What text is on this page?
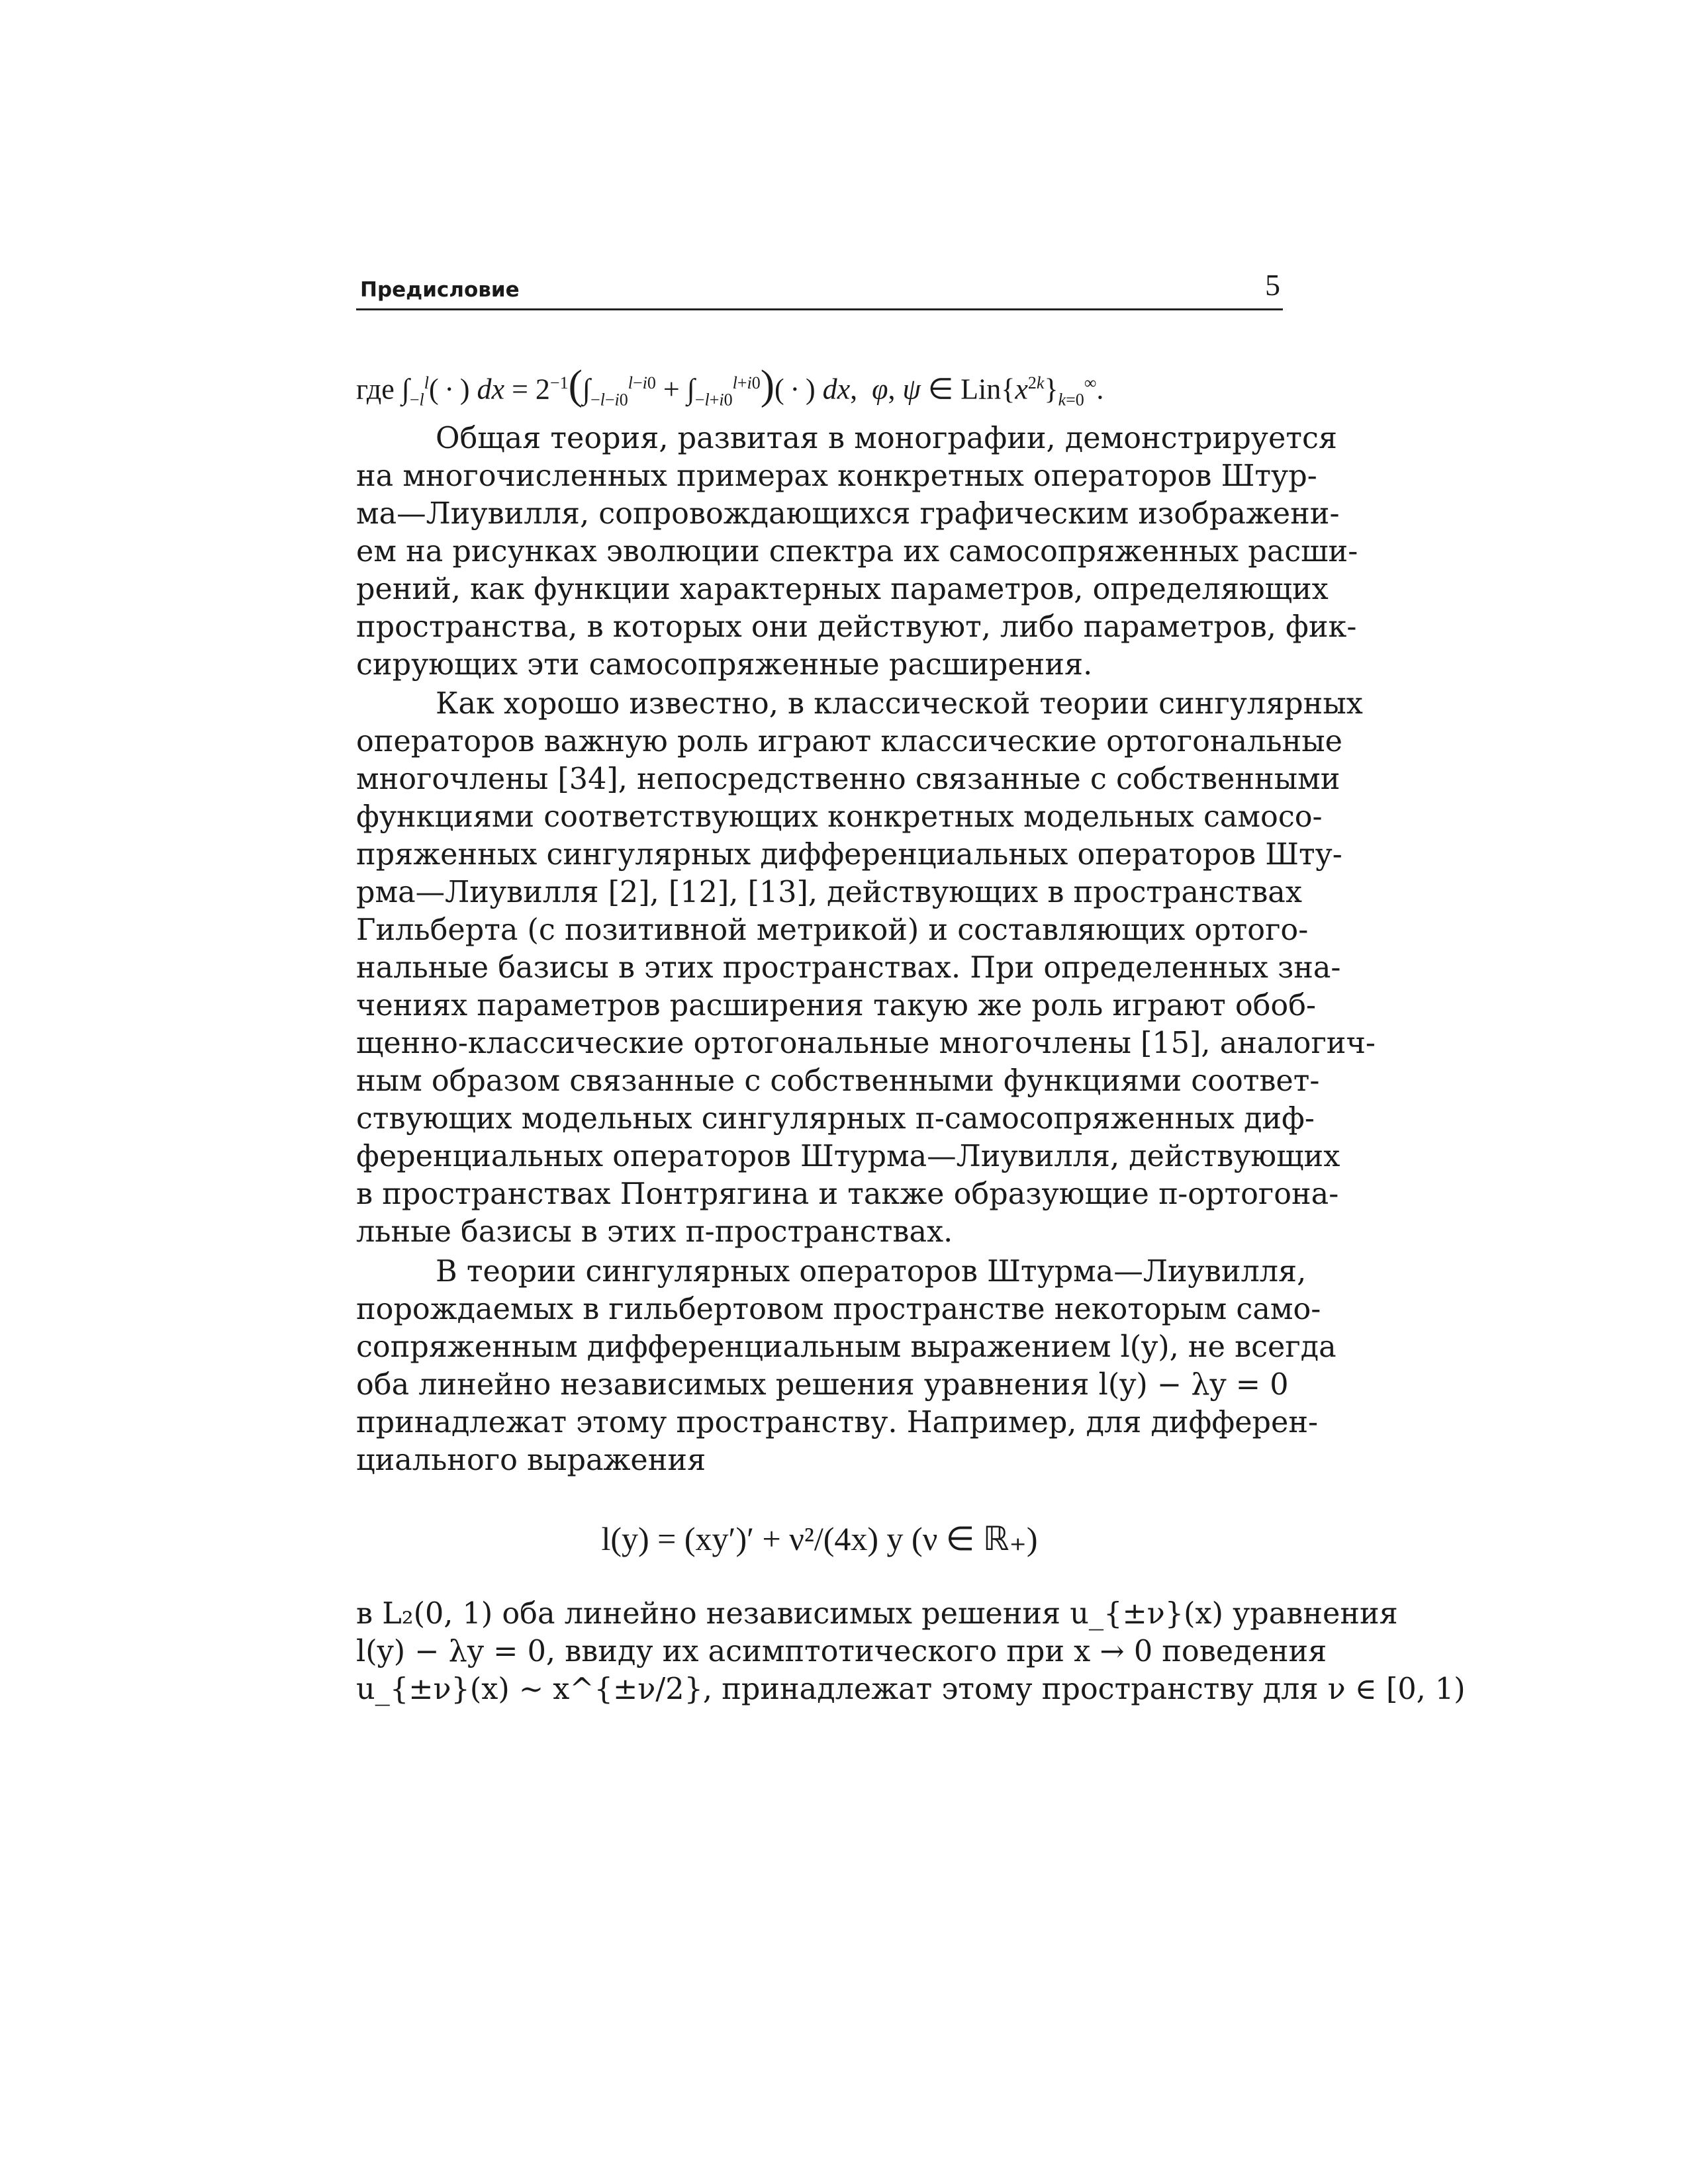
Предисловие	5

где $\int_{-l}^l$( · ) dx = $2^{-1}(\int_{-l-i0}^{l-i0} + \int_{-l+i0}^{l+i0})$( · ) dx,  φ, ψ ∈ $Lin\{x^{2k}\}_{k=0}^\infty$.

Общая теория, развитая в монографии, демонстрируется

на многочисленных примерах конкретных операторов Штур-

ма—Лиувилля, сопровождающихся графическим изображени-

ем на рисунках эволюции спектра их самосопряженных расши-

рений, как функции характерных параметров, определяющих

пространства, в которых они действуют, либо параметров, фик-

сирующих эти самосопряженные расширения.

Как хорошо известно, в классической теории сингулярных

операторов важную роль играют классические ортогональные

многочлены [34], непосредственно связанные с собственными

функциями соответствующих конкретных модельных самосо-

пряженных сингулярных дифференциальных операторов Шту-

рма—Лиувилля [2], [12], [13], действующих в пространствах

Гильберта (с позитивной метрикой) и составляющих ортого-

нальные базисы в этих пространствах. При определенных зна-

чениях параметров расширения такую же роль играют обоб-

щенно-классические ортогональные многочлены [15], аналогич-

ным образом связанные с собственными функциями соответ-

ствующих модельных сингулярных π-самосопряженных диф-

ференциальных операторов Штурма—Лиувилля, действующих

в пространствах Понтрягина и также образующие π-ортогона-

льные базисы в этих π-пространствах.

В теории сингулярных операторов Штурма—Лиувилля,

порождаемых в гильбертовом пространстве некоторым само-

сопряженным дифференциальным выражением l(y), не всегда

оба линейно независимых решения уравнения l(y) − λy = 0

принадлежат этому пространству. Например, для дифферен-

циального выражения

l(y) = (xy′)′ + ν²/(4x) y (ν ∈ ℝ₊)

в L₂(0, 1) оба линейно независимых решения u_{±ν}(x) уравнения

l(y) − λy = 0, ввиду их асимптотического при x → 0 поведения

u_{±ν}(x) ∼ x^{±ν/2}, принадлежат этому пространству для ν ∈ [0, 1)
